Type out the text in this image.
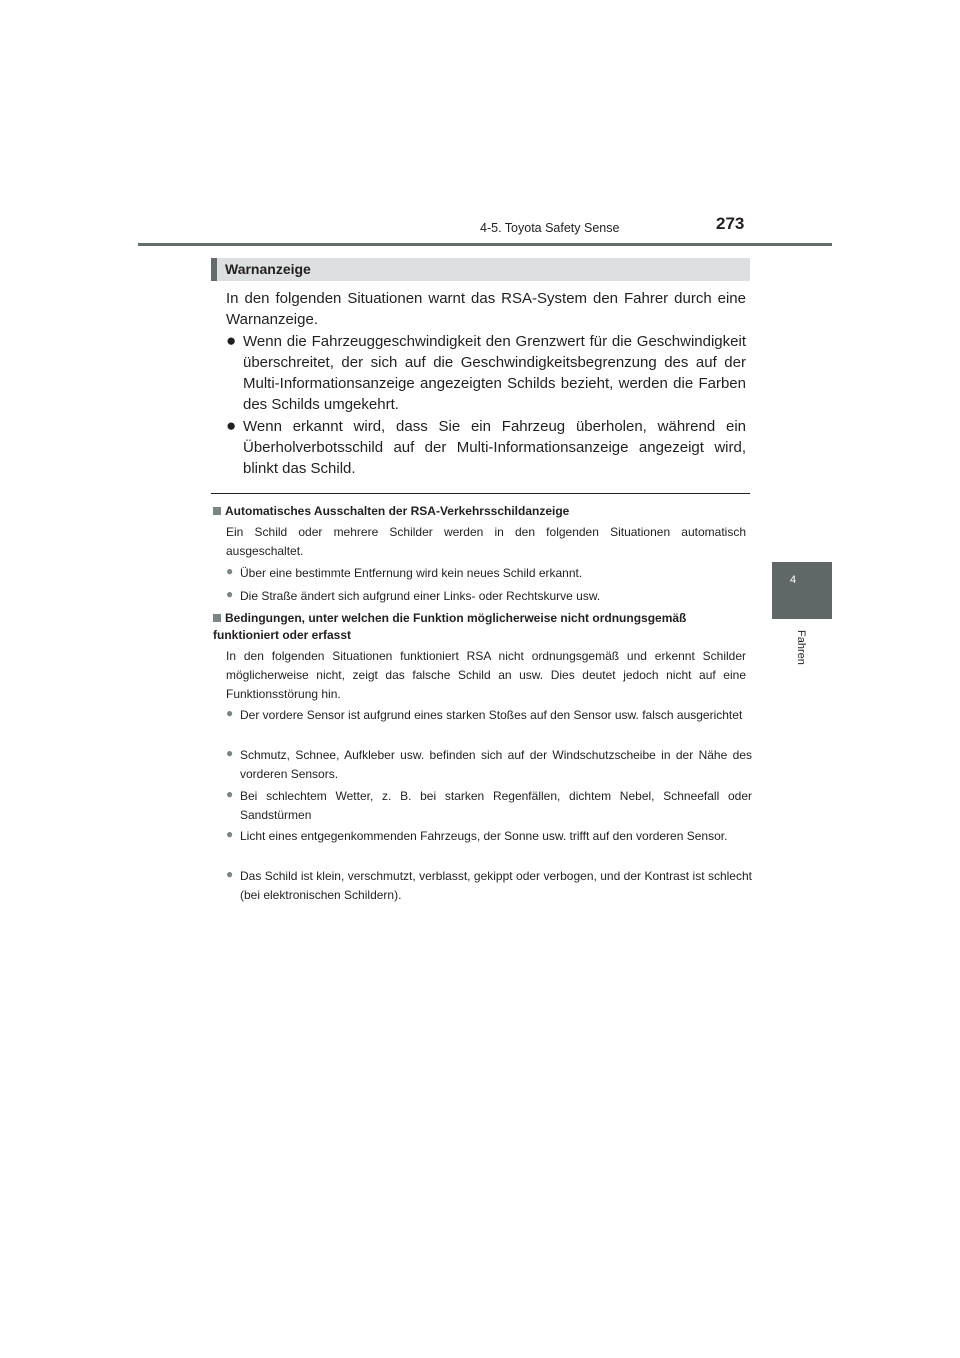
4-5. Toyota Safety Sense	273
4
Fahren
Warnanzeige
In den folgenden Situationen warnt das RSA-System den Fahrer durch eine Warnanzeige.
● Wenn die Fahrzeuggeschwindigkeit den Grenzwert für die Geschwindigkeit überschreitet, der sich auf die Geschwindigkeitsbegrenzung des auf der Multi-Informationsanzeige angezeigten Schilds bezieht, werden die Farben des Schilds umgekehrt.
● Wenn erkannt wird, dass Sie ein Fahrzeug überholen, während ein Überholverbotsschild auf der Multi-Informationsanzeige angezeigt wird, blinkt das Schild.
Automatisches Ausschalten der RSA-Verkehrsschildanzeige
Ein Schild oder mehrere Schilder werden in den folgenden Situationen automatisch ausgeschaltet.
● Über eine bestimmte Entfernung wird kein neues Schild erkannt.
● Die Straße ändert sich aufgrund einer Links- oder Rechtskurve usw.
Bedingungen, unter welchen die Funktion möglicherweise nicht ordnungsgemäß funktioniert oder erfasst
In den folgenden Situationen funktioniert RSA nicht ordnungsgemäß und erkennt Schilder möglicherweise nicht, zeigt das falsche Schild an usw. Dies deutet jedoch nicht auf eine Funktionsstörung hin.
● Der vordere Sensor ist aufgrund eines starken Stoßes auf den Sensor usw. falsch ausgerichtet
● Schmutz, Schnee, Aufkleber usw. befinden sich auf der Windschutzscheibe in der Nähe des vorderen Sensors.
● Bei schlechtem Wetter, z. B. bei starken Regenfällen, dichtem Nebel, Schneefall oder Sandstürmen
● Licht eines entgegenkommenden Fahrzeugs, der Sonne usw. trifft auf den vorderen Sensor.
● Das Schild ist klein, verschmutzt, verblasst, gekippt oder verbogen, und der Kontrast ist schlecht (bei elektronischen Schildern).
